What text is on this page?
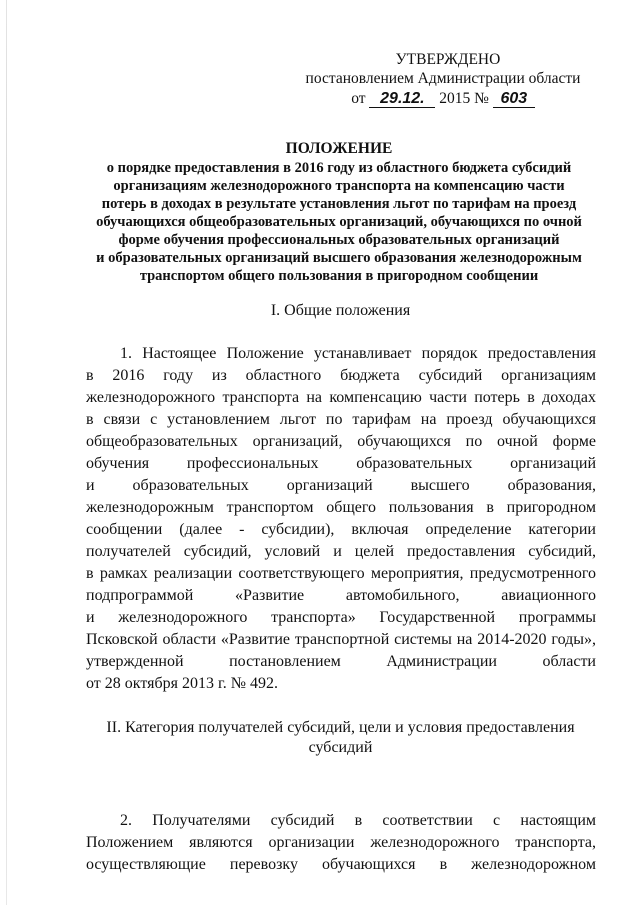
УТВЕРЖДЕНО
постановлением Администрации области
от 29.12. 2015 № 603
ПОЛОЖЕНИЕ
о порядке предоставления в 2016 году из областного бюджета субсидий
организациям железнодорожного транспорта на компенсацию части
потерь в доходах в результате установления льгот по тарифам на проезд
обучающихся общеобразовательных организаций, обучающихся по очной
форме обучения профессиональных образовательных организаций
и образовательных организаций высшего образования железнодорожным
транспортом общего пользования в пригородном сообщении
I. Общие положения
1. Настоящее Положение устанавливает порядок предоставления
в 2016 году из областного бюджета субсидий организациям
железнодорожного транспорта на компенсацию части потерь в доходах
в связи с установлением льгот по тарифам на проезд обучающихся
общеобразовательных организаций, обучающихся по очной форме
обучения профессиональных образовательных организаций
и образовательных организаций высшего образования,
железнодорожным транспортом общего пользования в пригородном
сообщении (далее - субсидии), включая определение категории
получателей субсидий, условий и целей предоставления субсидий,
в рамках реализации соответствующего мероприятия, предусмотренного
подпрограммой «Развитие автомобильного, авиационного
и железнодорожного транспорта» Государственной программы
Псковской области «Развитие транспортной системы на 2014-2020 годы»,
утвержденной постановлением Администрации области
от 28 октября 2013 г. № 492.
II. Категория получателей субсидий, цели и условия предоставления
субсидий
2. Получателями субсидий в соответствии с настоящим
Положением являются организации железнодорожного транспорта,
осуществляющие перевозку обучающихся в железнодорожном
